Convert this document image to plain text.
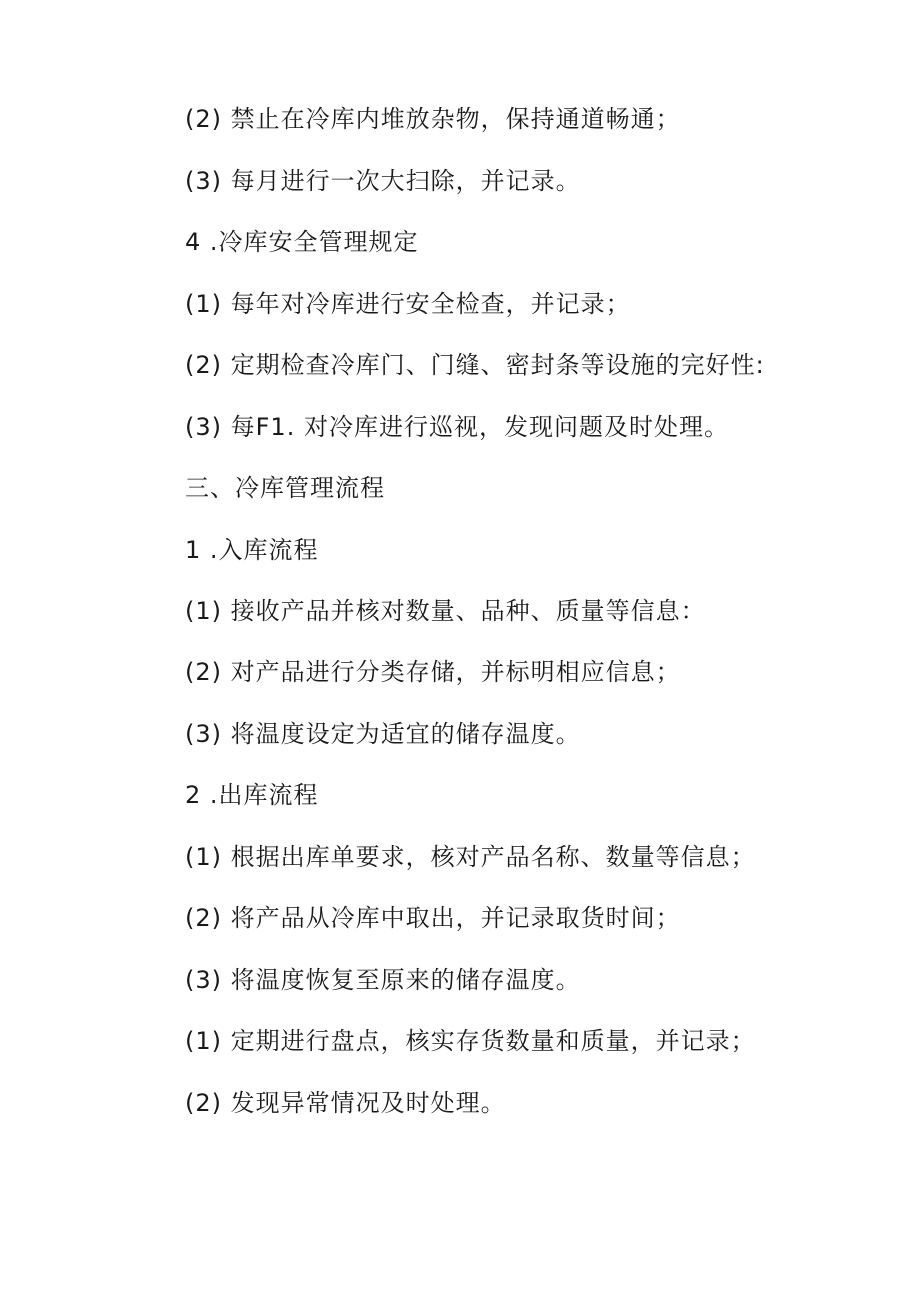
(2) 禁止在冷库内堆放杂物，保持通道畅通；
(3) 每月进行一次大扫除，并记录。
4 .冷库安全管理规定
(1) 每年对冷库进行安全检查，并记录；
(2) 定期检查冷库门、门缝、密封条等设施的完好性:
(3) 每F1. 对冷库进行巡视，发现问题及时处理。
三、冷库管理流程
1 .入库流程
(1) 接收产品并核对数量、品种、质量等信息：
(2) 对产品进行分类存储，并标明相应信息；
(3) 将温度设定为适宜的储存温度。
2 .出库流程
(1) 根据出库单要求，核对产品名称、数量等信息；
(2) 将产品从冷库中取出，并记录取货时间；
(3) 将温度恢复至原来的储存温度。
(1) 定期进行盘点，核实存货数量和质量，并记录；
(2) 发现异常情况及时处理。
